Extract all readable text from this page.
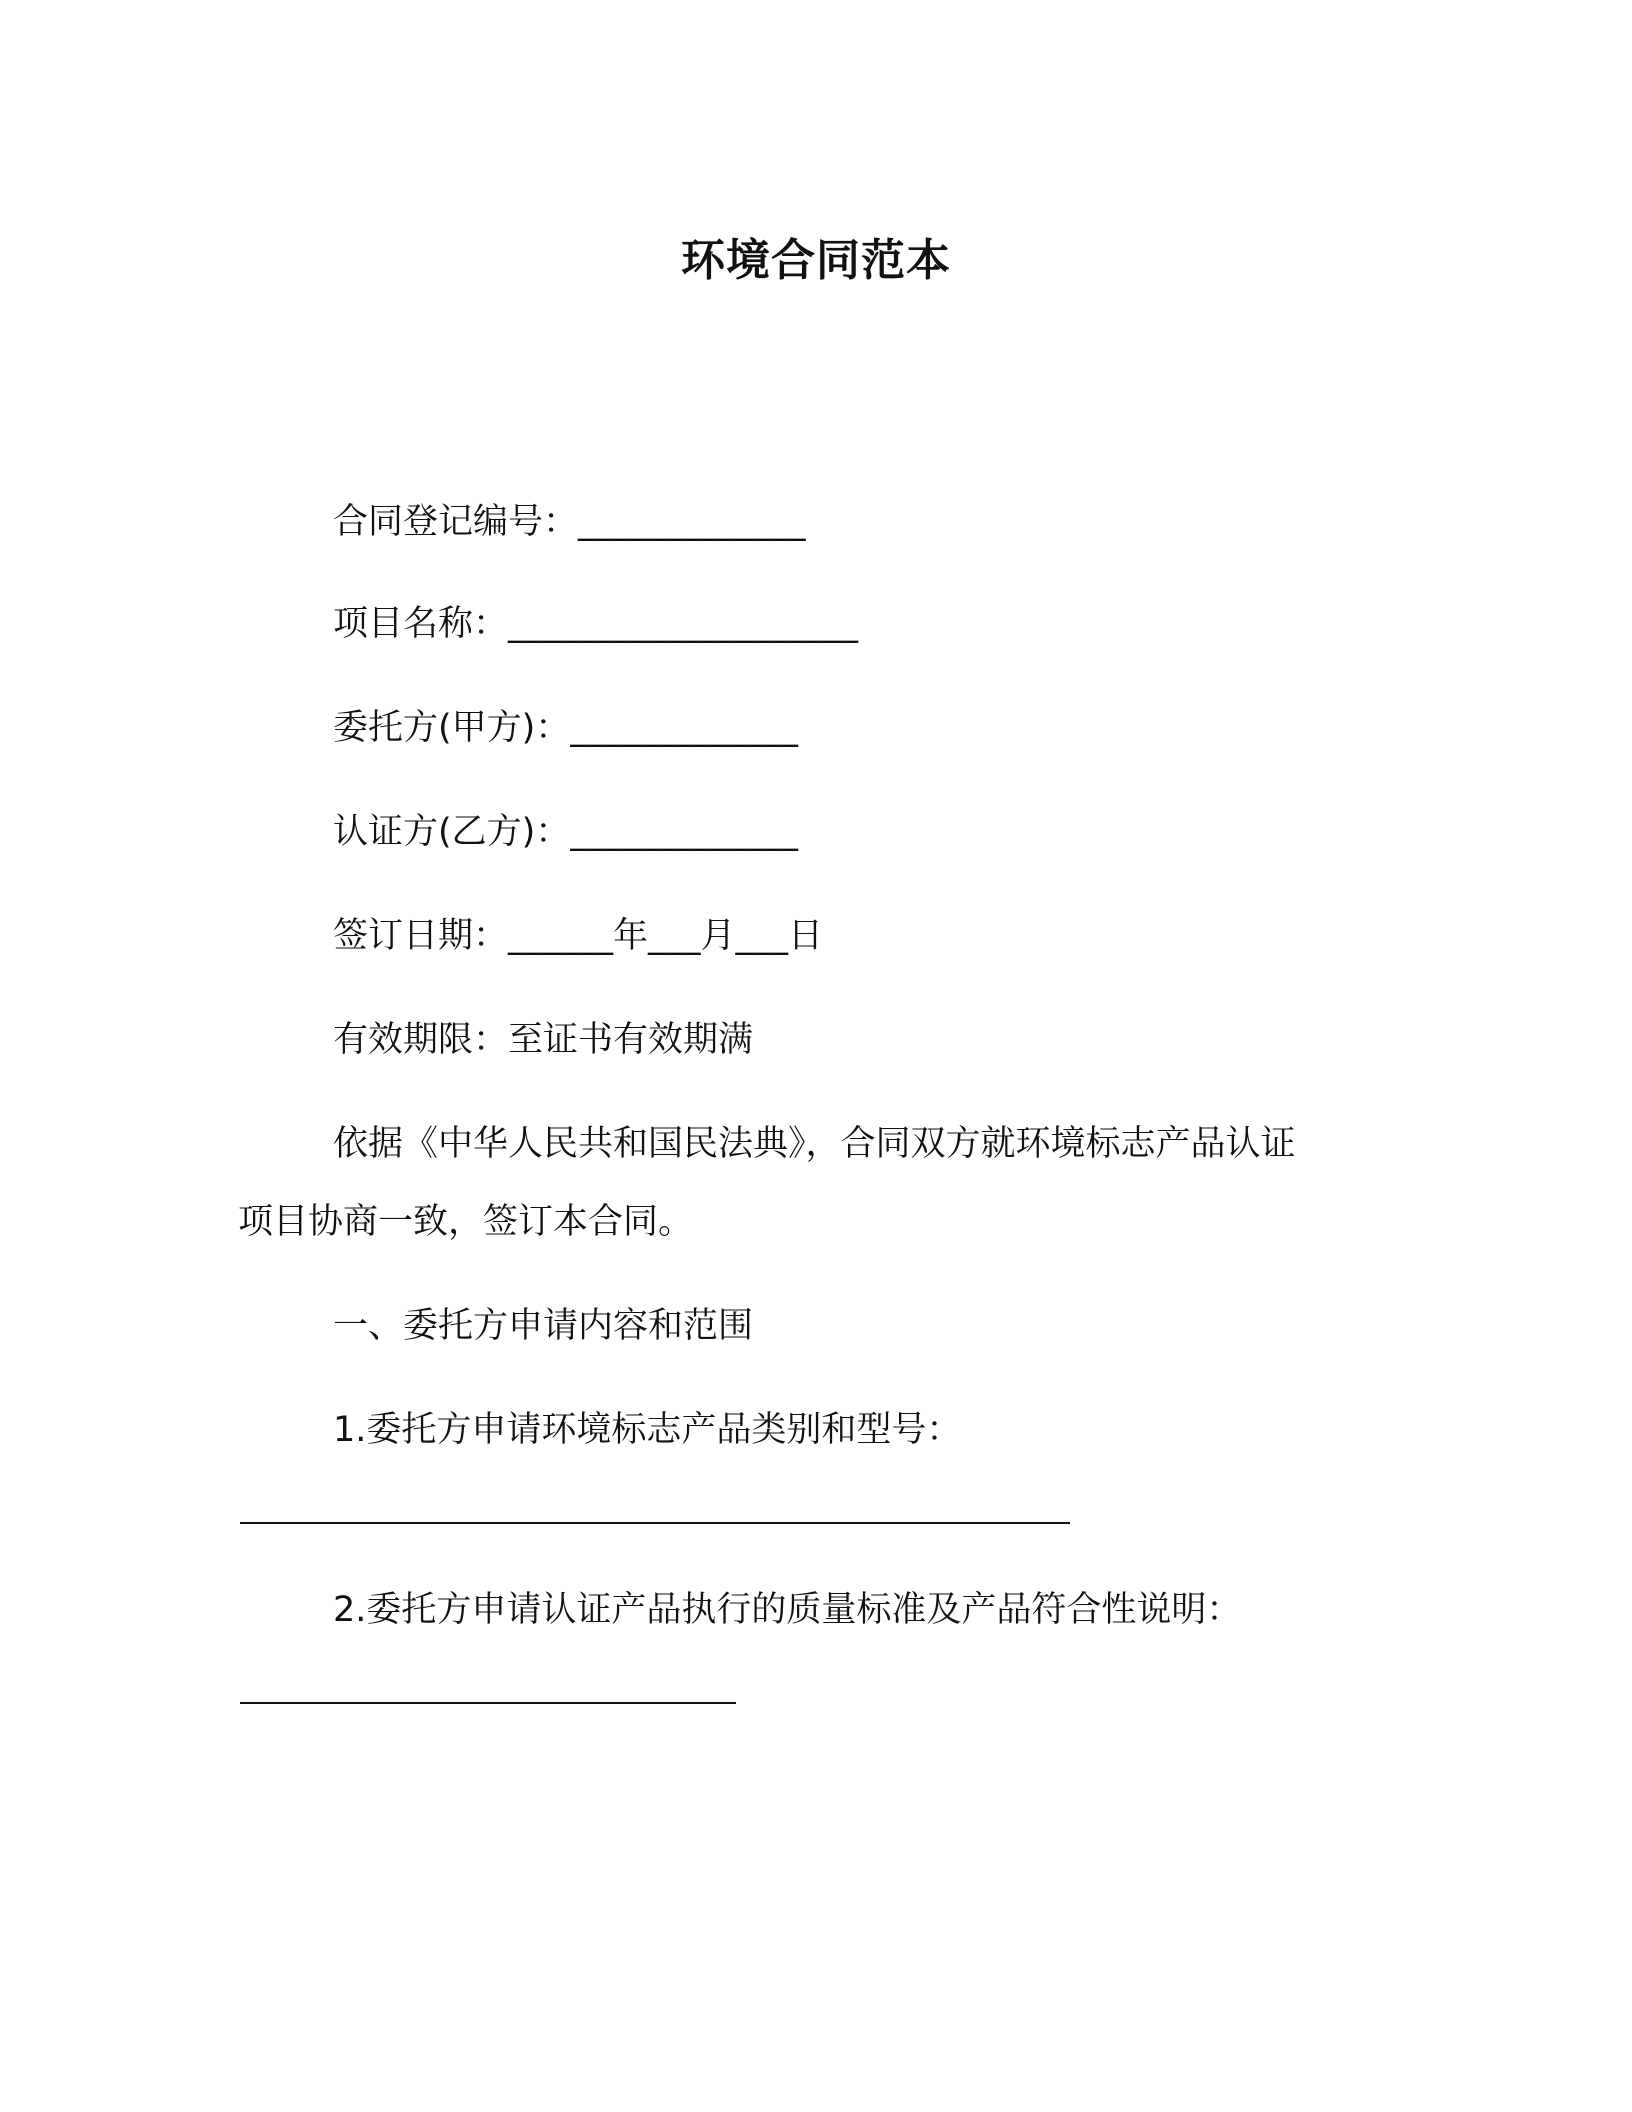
环境合同范本
合同登记编号：_____________
项目名称：____________________
委托方(甲方)：_____________
认证方(乙方)：_____________
签订日期：______年___月___日
有效期限：至证书有效期满
依据《中华人民共和国民法典》，合同双方就环境标志产品认证
项目协商一致，签订本合同。
一、委托方申请内容和范围
1.委托方申请环境标志产品类别和型号：
2.委托方申请认证产品执行的质量标准及产品符合性说明：
